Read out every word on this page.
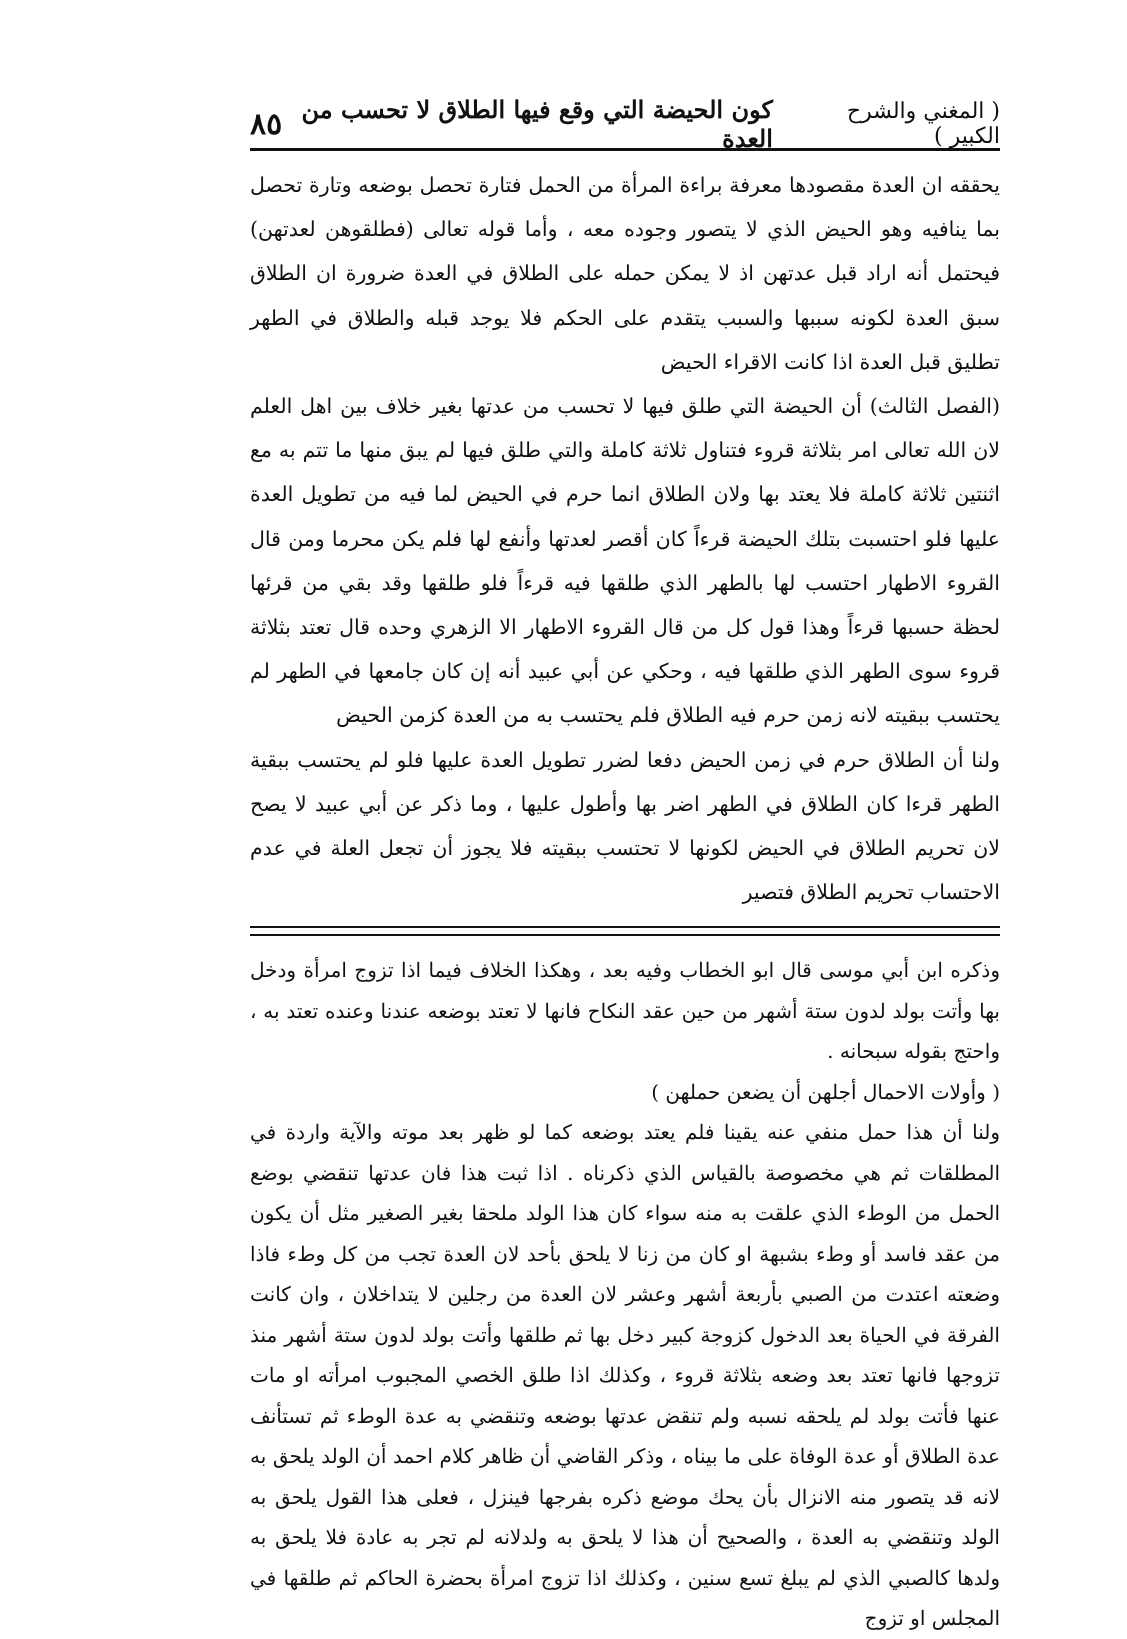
( المغني والشرح الكبير )
كون الحيضة التي وقع فيها الطلاق لا تحسب من العدة
٨٥

يحققه ان العدة مقصودها معرفة براءة المرأة من الحمل فتارة تحصل بوضعه وتارة تحصل بما ينافيه وهو الحيض الذي لا يتصور وجوده معه ، وأما قوله تعالى (فطلقوهن لعدتهن) فيحتمل أنه اراد قبل عدتهن اذ لا يمكن حمله على الطلاق في العدة ضرورة ان الطلاق سبق العدة لكونه سببها والسبب يتقدم على الحكم فلا يوجد قبله والطلاق في الطهر تطليق قبل العدة اذا كانت الاقراء الحيض

(الفصل الثالث) أن الحيضة التي طلق فيها لا تحسب من عدتها بغير خلاف بين اهل العلم لان الله تعالى امر بثلاثة قروء فتناول ثلاثة كاملة والتي طلق فيها لم يبق منها ما تتم به مع اثنتين ثلاثة كاملة فلا يعتد بها ولان الطلاق انما حرم في الحيض لما فيه من تطويل العدة عليها فلو احتسبت بتلك الحيضة قرءاً كان أقصر لعدتها وأنفع لها فلم يكن محرما ومن قال القروء الاطهار احتسب لها بالطهر الذي طلقها فيه قرءاً فلو طلقها وقد بقي من قرئها لحظة حسبها قرءاً وهذا قول كل من قال القروء الاطهار الا الزهري وحده قال تعتد بثلاثة قروء سوى الطهر الذي طلقها فيه ، وحكي عن أبي عبيد أنه إن كان جامعها في الطهر لم يحتسب ببقيته لانه زمن حرم فيه الطلاق فلم يحتسب به من العدة كزمن الحيض

ولنا أن الطلاق حرم في زمن الحيض دفعا لضرر تطويل العدة عليها فلو لم يحتسب ببقية الطهر قرءا كان الطلاق في الطهر اضر بها وأطول عليها ، وما ذكر عن أبي عبيد لا يصح لان تحريم الطلاق في الحيض لكونها لا تحتسب ببقيته فلا يجوز أن تجعل العلة في عدم الاحتساب تحريم الطلاق فتصير

وذكره ابن أبي موسى قال ابو الخطاب وفيه بعد ، وهكذا الخلاف فيما اذا تزوج امرأة ودخل بها وأتت بولد لدون ستة أشهر من حين عقد النكاح فانها لا تعتد بوضعه عندنا وعنده تعتد به ، واحتج بقوله سبحانه .

( وأولات الاحمال أجلهن أن يضعن حملهن )

ولنا أن هذا حمل منفي عنه يقينا فلم يعتد بوضعه كما لو ظهر بعد موته والآية واردة في المطلقات ثم هي مخصوصة بالقياس الذي ذكرناه . اذا ثبت هذا فان عدتها تنقضي بوضع الحمل من الوطء الذي علقت به منه سواء كان هذا الولد ملحقا بغير الصغير مثل أن يكون من عقد فاسد أو وطء بشبهة او كان من زنا لا يلحق بأحد لان العدة تجب من كل وطء فاذا وضعته اعتدت من الصبي بأربعة أشهر وعشر لان العدة من رجلين لا يتداخلان ، وان كانت الفرقة في الحياة بعد الدخول كزوجة كبير دخل بها ثم طلقها وأتت بولد لدون ستة أشهر منذ تزوجها فانها تعتد بعد وضعه بثلاثة قروء ، وكذلك اذا طلق الخصي المجبوب امرأته او مات عنها فأتت بولد لم يلحقه نسبه ولم تنقض عدتها بوضعه وتنقضي به عدة الوطء ثم تستأنف عدة الطلاق أو عدة الوفاة على ما بيناه ، وذكر القاضي أن ظاهر كلام احمد أن الولد يلحق به لانه قد يتصور منه الانزال بأن يحك موضع ذكره بفرجها فينزل ، فعلى هذا القول يلحق به الولد وتنقضي به العدة ، والصحيح أن هذا لا يلحق به ولدلانه لم تجر به عادة فلا يلحق به ولدها كالصبي الذي لم يبلغ تسع سنين ، وكذلك اذا تزوج امرأة بحضرة الحاكم ثم طلقها في المجلس او تزوج
